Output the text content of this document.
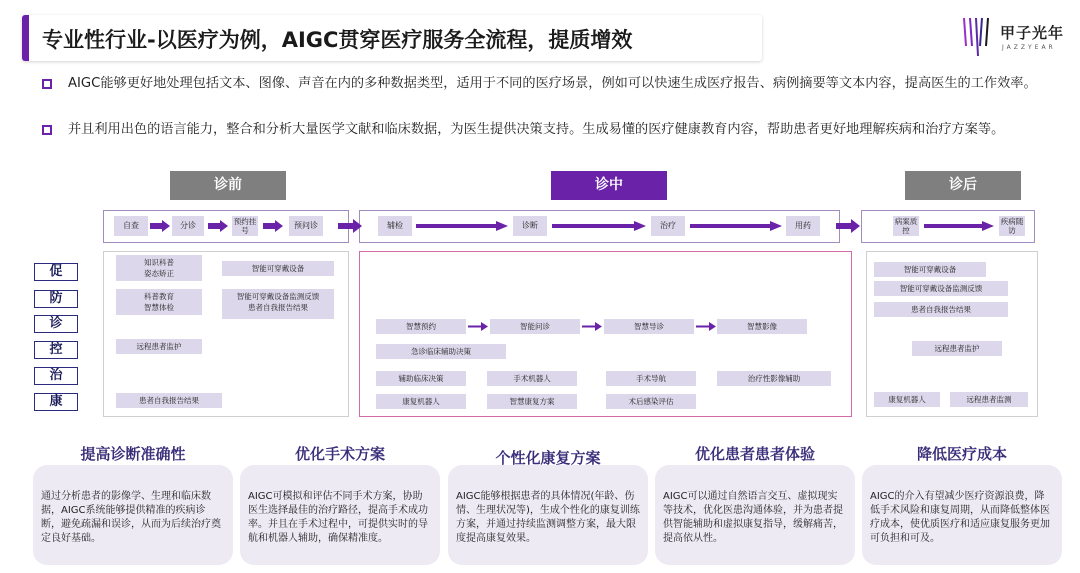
专业性行业-以医疗为例，AIGC贯穿医疗服务全流程，提质增效	甲子光年
JAZZYEAR
AIGC能够更好地处理包括文本、图像、声音在内的多种数据类型，适用于不同的医疗场景，例如可以快速生成医疗报告、病例摘要等文本内容，提高医生的工作效率。
并且利用出色的语言能力，整合和分析大量医学文献和临床数据，为医生提供决策支持。生成易懂的医疗健康教育内容，帮助患者更好地理解疾病和治疗方案等。
诊前	诊中	诊后
自查	分诊	预约挂号
预问诊	辅检	诊断	治疗	用药	病案质控
疾病随访
促
防
诊
控
治
康
知识科普
姿态矫正
智能可穿戴设备
科普教育
智慧体检
智能可穿戴设备监测反馈
患者自我报告结果
远程患者监护
患者自我报告结果
智慧预约	智能问诊	智慧导诊	智慧影像
急诊临床辅助决策
辅助临床决策	手术机器人	手术导航	治疗性影像辅助
康复机器人	智慧康复方案	术后感染评估
智能可穿戴设备
智能可穿戴设备监测反馈
患者自我报告结果
远程患者监护
康复机器人	远程患者监测
通过分析患者的影像学、生理和临床数据，AIGC系统能够提供精准的疾病诊断，避免疏漏和误诊，从而为后续治疗奠定良好基础。
AIGC可模拟和评估不同手术方案，协助医生选择最佳的治疗路径，提高手术成功率。并且在手术过程中，可提供实时的导航和机器人辅助，确保精准度。
AIGC能够根据患者的具体情况(年龄、伤情、生理状况等)，生成个性化的康复训练方案，并通过持续监测调整方案，最大限度提高康复效果。
AIGC可以通过自然语言交互、虚拟现实等技术，优化医患沟通体验，并为患者提供智能辅助和虚拟康复指导，缓解痛苦，提高依从性。
AIGC的介入有望减少医疗资源浪费，降低手术风险和康复周期，从而降低整体医疗成本，使优质医疗和适应康复服务更加可负担和可及。
提高诊断准确性	优化手术方案	个性化康复方案	优化患者患者体验	降低医疗成本
